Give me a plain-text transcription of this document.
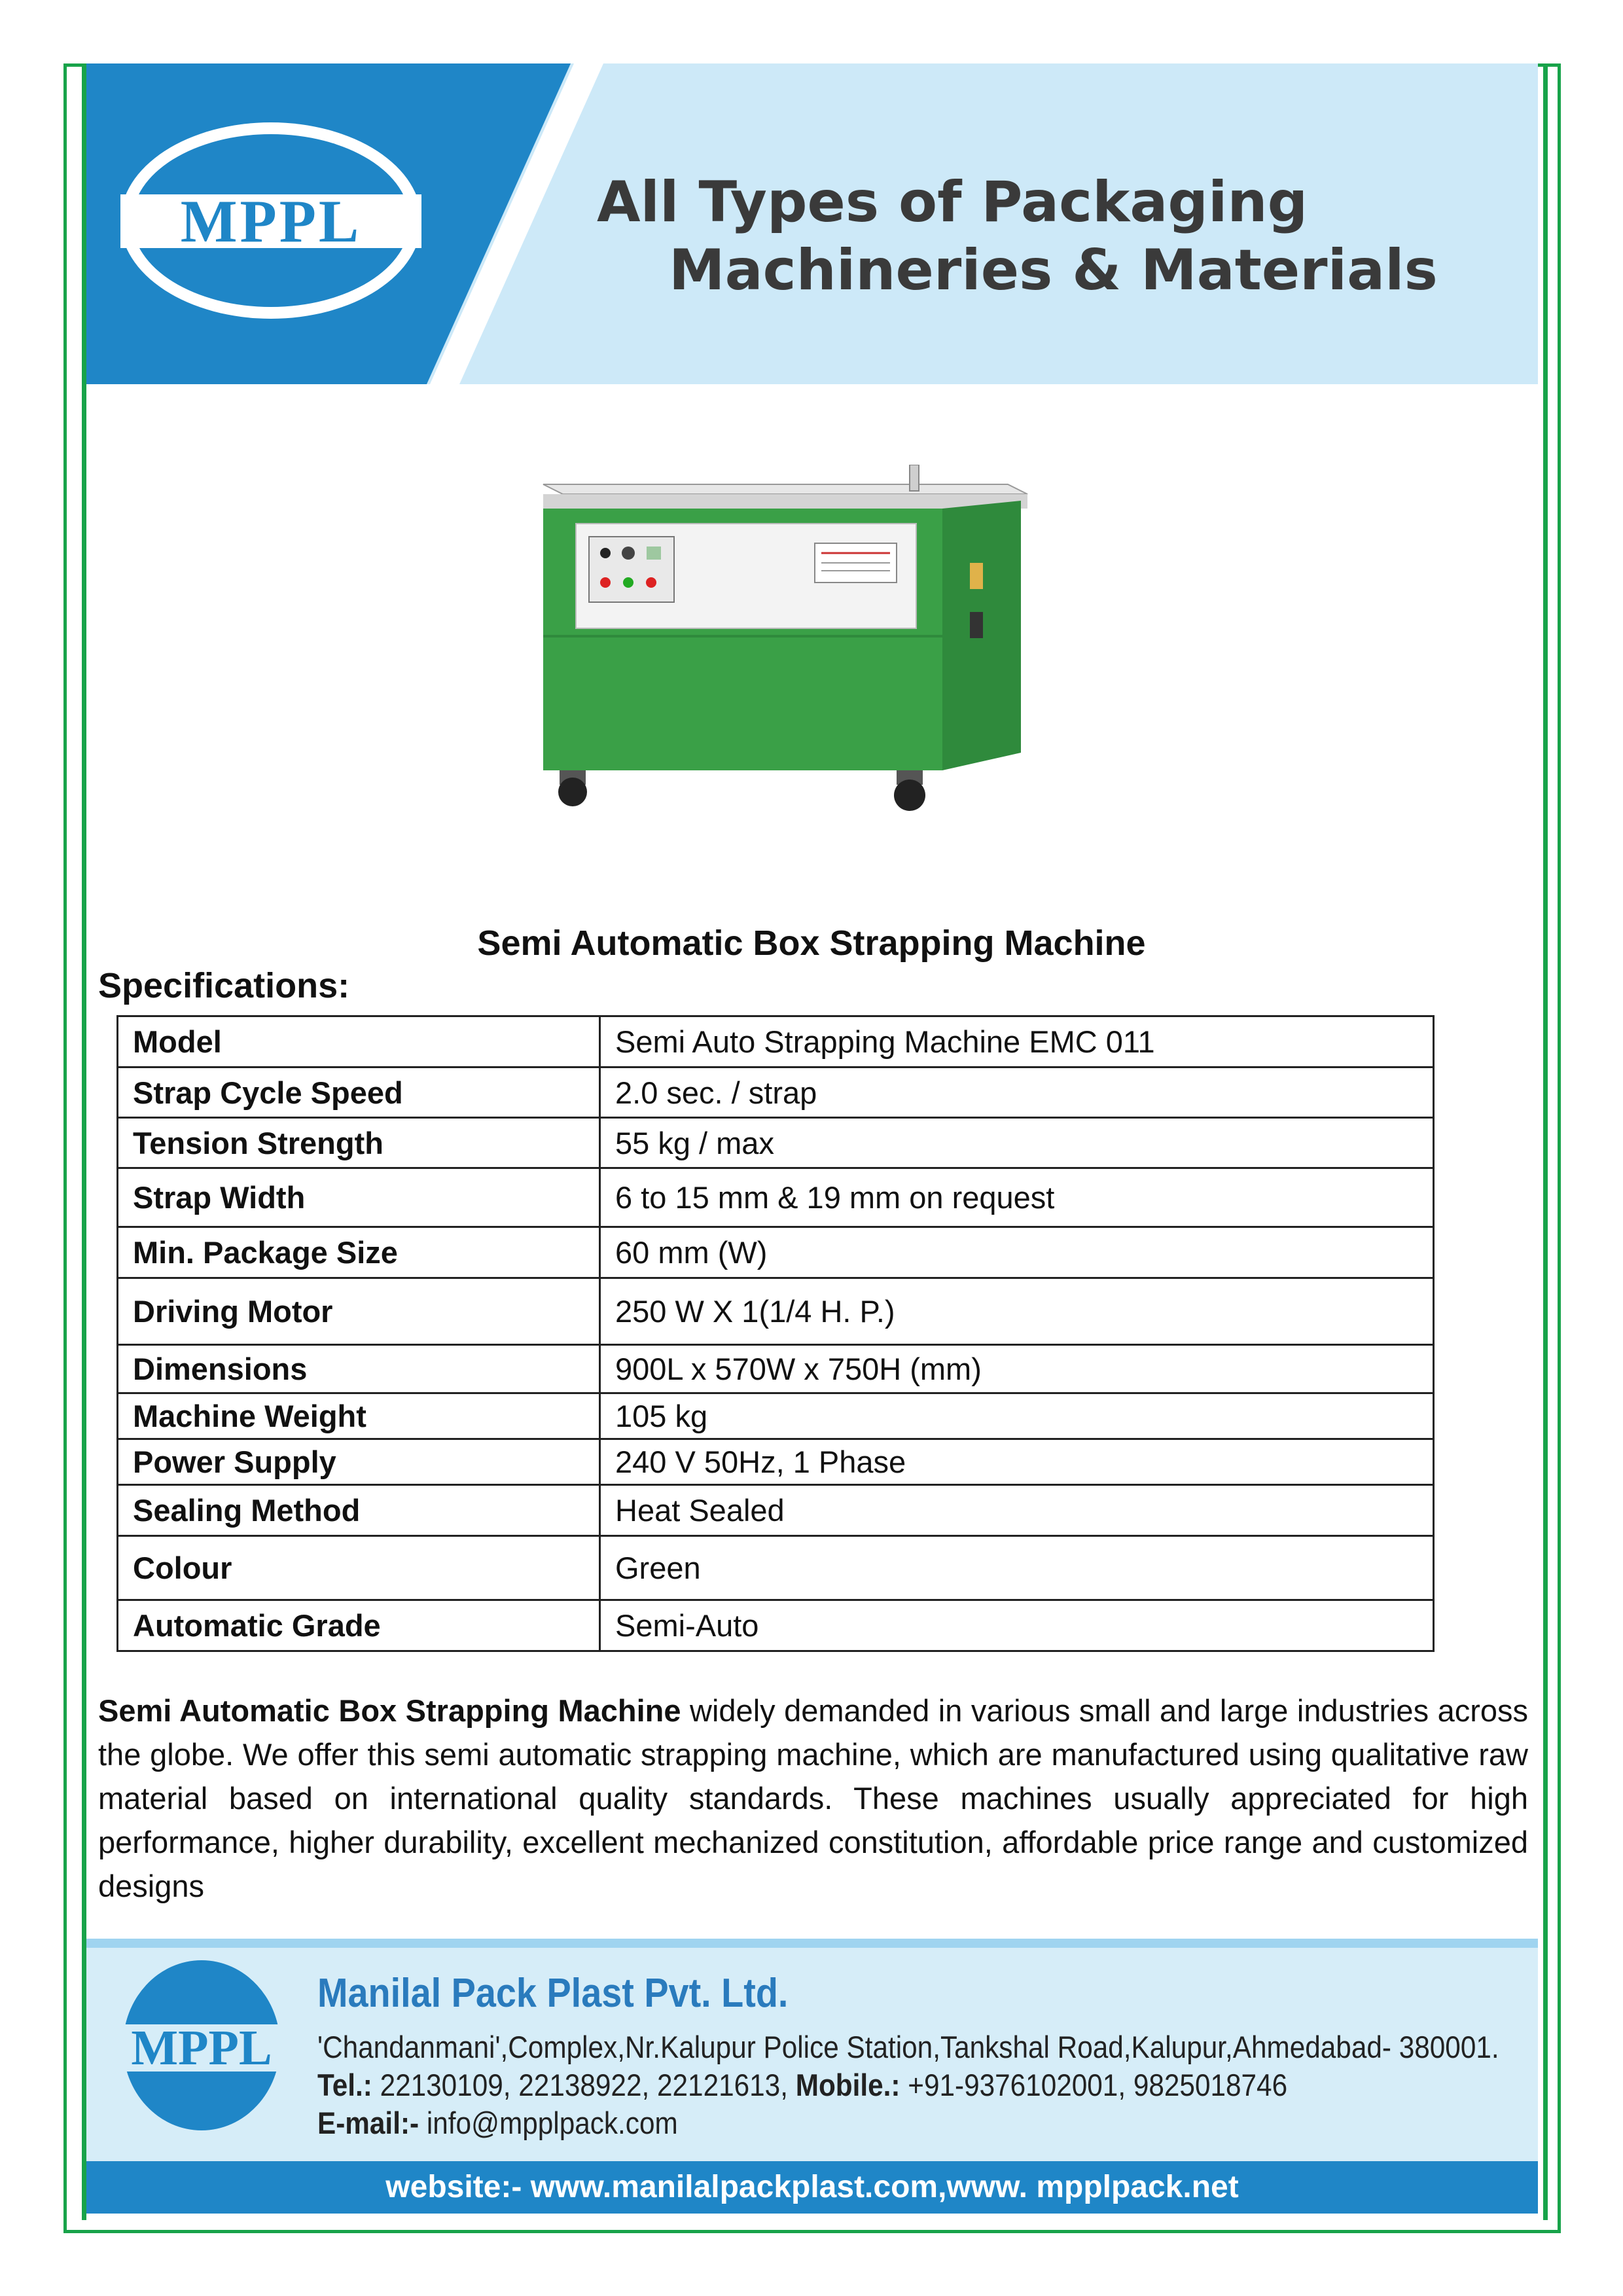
MPPL	All Types of Packaging
Machineries & Materials
Semi Automatic Box Strapping Machine
Specifications:
Model	Semi Auto Strapping Machine EMC 011
Strap Cycle Speed	2.0 sec. / strap
Tension Strength	55 kg / max
Strap Width	6 to 15 mm & 19 mm on request
Min. Package Size	60 mm (W)
Driving Motor	250 W X 1(1/4 H. P.)
Dimensions	900L x 570W x 750H (mm)
Machine Weight	105 kg
Power Supply	240 V 50Hz, 1 Phase
Sealing Method	Heat Sealed
Colour	Green
Automatic Grade	Semi-Auto
Semi Automatic Box Strapping Machine widely demanded in various small and large industries across the globe. We offer this semi automatic strapping machine, which are manufactured using qualitative raw material based on international quality standards. These machines usually appreciated for high performance, higher durability, excellent mechanized constitution, affordable price range and customized designs
MPPL
Manilal Pack Plast Pvt. Ltd.
'Chandanmani',Complex,Nr.Kalupur Police Station,Tankshal Road,Kalupur,Ahmedabad- 380001.
Tel.: 22130109, 22138922, 22121613, Mobile.: +91-9376102001, 9825018746
E-mail:- info@mpplpack.com
website:- www.manilalpackplast.com,www. mpplpack.net
